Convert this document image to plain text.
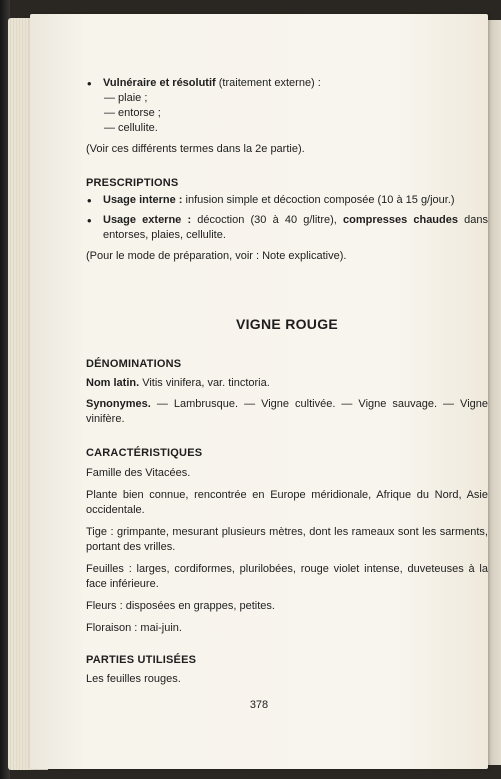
• Vulnéraire et résolutif (traitement externe) :

— plaie ;

— entorse ;

— cellulite.

(Voir ces différents termes dans la 2e partie).

PRESCRIPTIONS

• Usage interne : infusion simple et décoction composée (10 à 15 g/jour.)

• Usage externe : décoction (30 à 40 g/litre), compresses chaudes dans entorses, plaies, cellulite.

(Pour le mode de préparation, voir : Note explicative).

VIGNE ROUGE

DÉNOMINATIONS

Nom latin. Vitis vinifera, var. tinctoria.

Synonymes. — Lambrusque. — Vigne cultivée. — Vigne sauvage. — Vigne vinifère.

CARACTÉRISTIQUES

Famille des Vitacées.

Plante bien connue, rencontrée en Europe méridionale, Afrique du Nord, Asie occidentale.

Tige : grimpante, mesurant plusieurs mètres, dont les rameaux sont les sarments, portant des vrilles.

Feuilles : larges, cordiformes, plurilobées, rouge violet intense, duveteuses à la face inférieure.

Fleurs : disposées en grappes, petites.

Floraison : mai-juin.

PARTIES UTILISÉES

Les feuilles rouges.

378
